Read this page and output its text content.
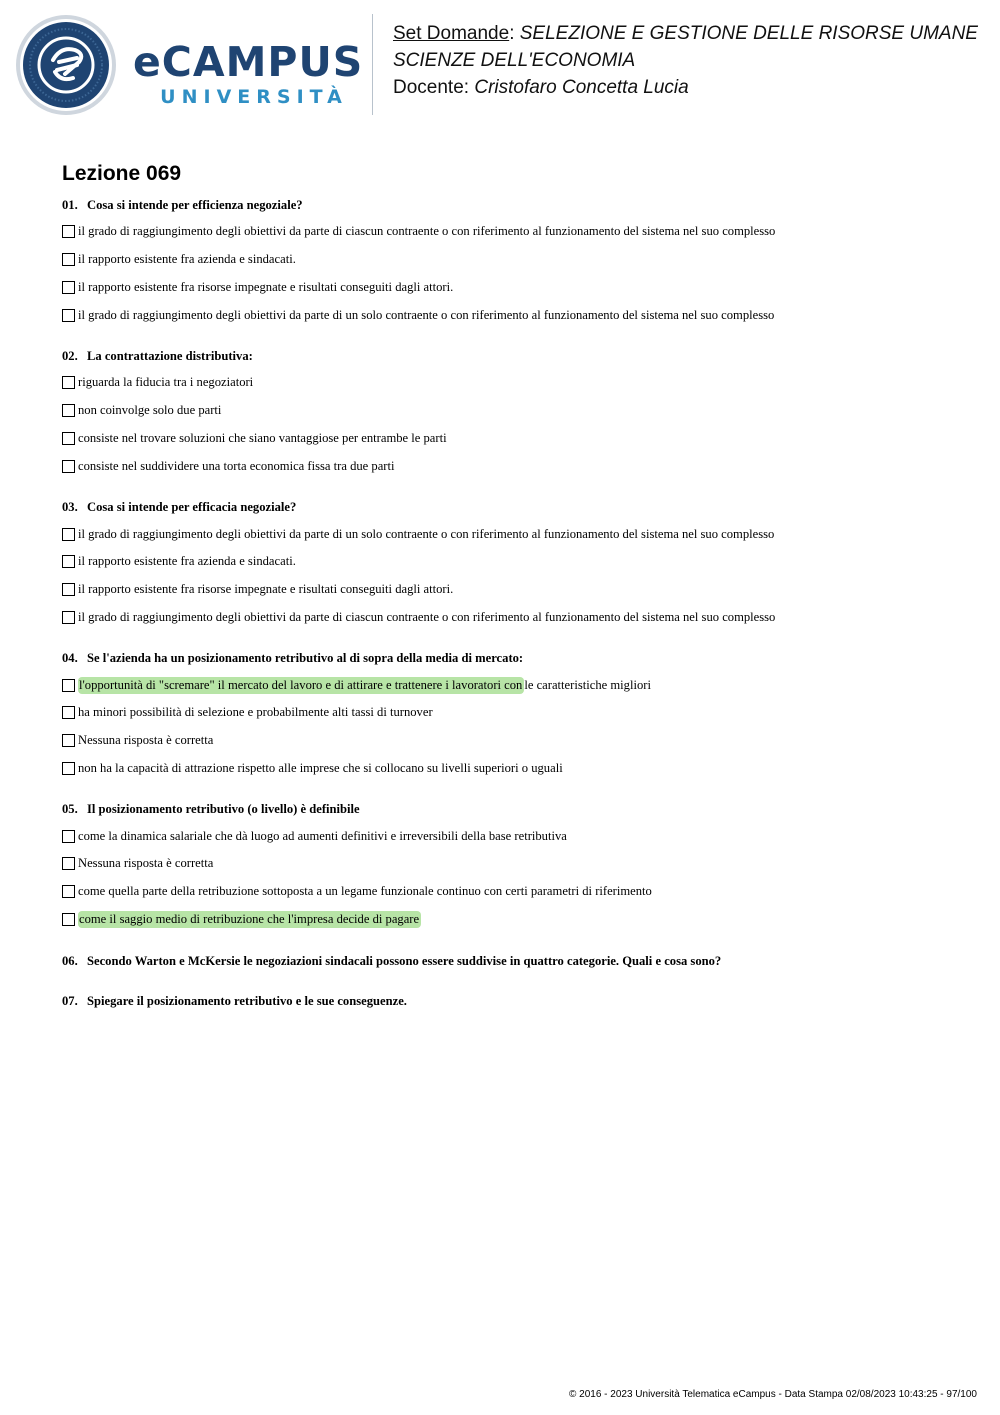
eCAMPUS
UNIVERSITÀ
Set Domande: SELEZIONE E GESTIONE DELLE RISORSE UMANE
SCIENZE DELL'ECONOMIA
Docente: Cristofaro Concetta Lucia
Lezione 069
01. Cosa si intende per efficienza negoziale?
il grado di raggiungimento degli obiettivi da parte di ciascun contraente o con riferimento al funzionamento del sistema nel suo complesso
il rapporto esistente fra azienda e sindacati.
il rapporto esistente fra risorse impegnate e risultati conseguiti dagli attori.
il grado di raggiungimento degli obiettivi da parte di un solo contraente o con riferimento al funzionamento del sistema nel suo complesso
02. La contrattazione distributiva:
riguarda la fiducia tra i negoziatori
non coinvolge solo due parti
consiste nel trovare soluzioni che siano vantaggiose per entrambe le parti
consiste nel suddividere una torta economica fissa tra due parti
03. Cosa si intende per efficacia negoziale?
il grado di raggiungimento degli obiettivi da parte di un solo contraente o con riferimento al funzionamento del sistema nel suo complesso
il rapporto esistente fra azienda e sindacati.
il rapporto esistente fra risorse impegnate e risultati conseguiti dagli attori.
il grado di raggiungimento degli obiettivi da parte di ciascun contraente o con riferimento al funzionamento del sistema nel suo complesso
04. Se l'azienda ha un posizionamento retributivo al di sopra della media di mercato:
l'opportunità di "scremare" il mercato del lavoro e di attirare e trattenere i lavoratori con le caratteristiche migliori
ha minori possibilità di selezione e probabilmente alti tassi di turnover
Nessuna risposta è corretta
non ha la capacità di attrazione rispetto alle imprese che si collocano su livelli superiori o uguali
05. Il posizionamento retributivo (o livello) è definibile
come la dinamica salariale che dà luogo ad aumenti definitivi e irreversibili della base retributiva
Nessuna risposta è corretta
come quella parte della retribuzione sottoposta a un legame funzionale continuo con certi parametri di riferimento
come il saggio medio di retribuzione che l'impresa decide di pagare
06. Secondo Warton e McKersie le negoziazioni sindacali possono essere suddivise in quattro categorie. Quali e cosa sono?
07. Spiegare il posizionamento retributivo e le sue conseguenze.
© 2016 - 2023 Università Telematica eCampus - Data Stampa 02/08/2023 10:43:25 - 97/100
